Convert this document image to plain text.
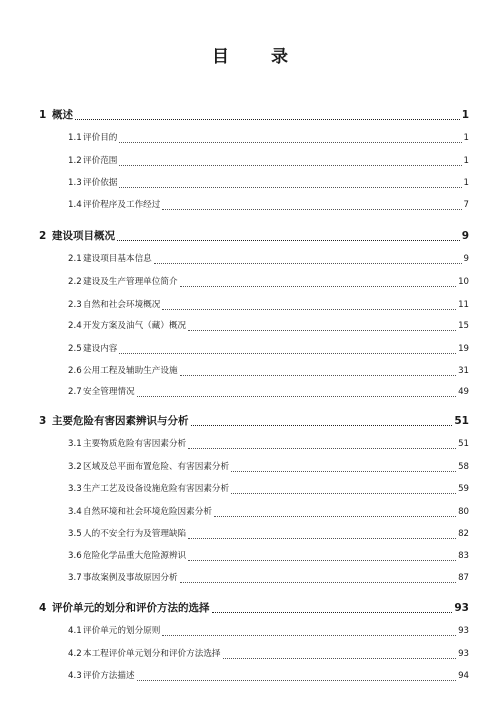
目 录
1 概述	1
1.1 评价目的	1
1.2 评价范围	1
1.3 评价依据	1
1.4 评价程序及工作经过	7
2 建设项目概况	9
2.1 建设项目基本信息	9
2.2 建设及生产管理单位简介	10
2.3 自然和社会环境概况	11
2.4 开发方案及油气（藏）概况	15
2.5 建设内容	19
2.6 公用工程及辅助生产设施	31
2.7 安全管理情况	49
3 主要危险有害因素辨识与分析	51
3.1 主要物质危险有害因素分析	51
3.2 区域及总平面布置危险、有害因素分析	58
3.3 生产工艺及设备设施危险有害因素分析	59
3.4 自然环境和社会环境危险因素分析	80
3.5 人的不安全行为及管理缺陷	82
3.6 危险化学品重大危险源辨识	83
3.7 事故案例及事故原因分析	87
4 评价单元的划分和评价方法的选择	93
4.1 评价单元的划分原则	93
4.2 本工程评价单元划分和评价方法选择	93
4.3 评价方法描述	94
